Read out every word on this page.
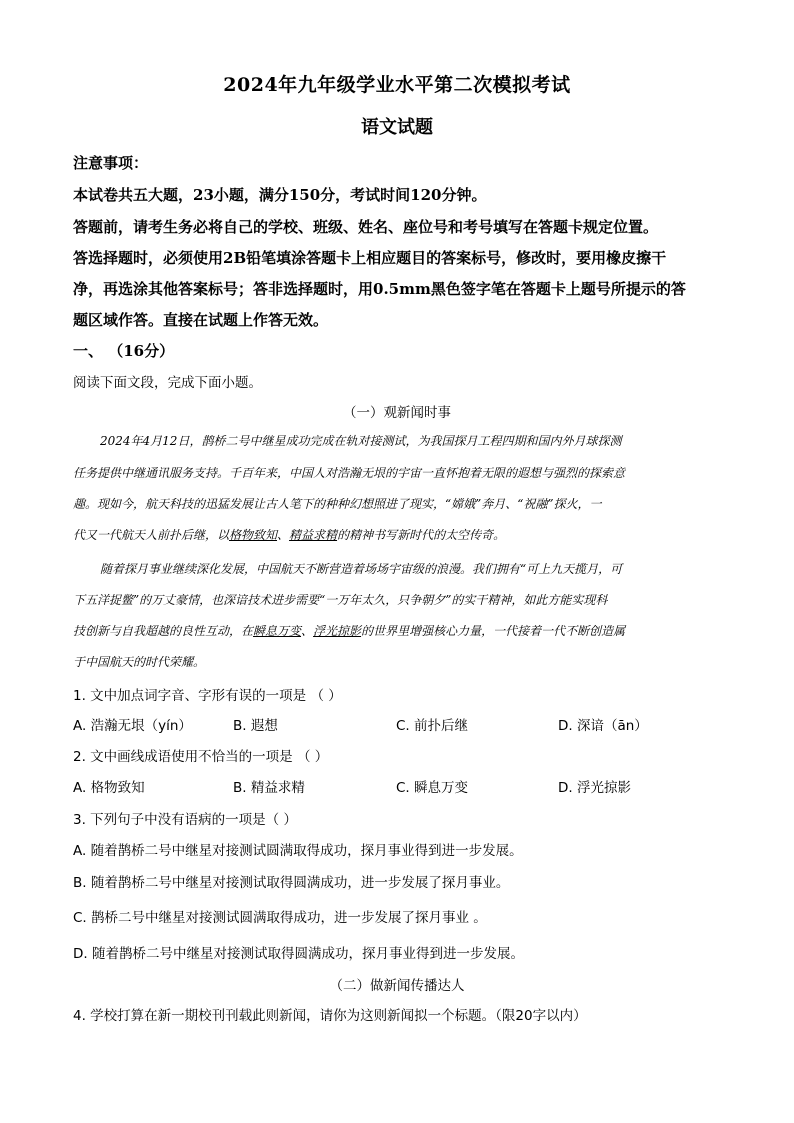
2024年九年级学业水平第二次模拟考试
语文试题
注意事项：
本试卷共五大题，23小题，满分150分，考试时间120分钟。
答题前，请考生务必将自己的学校、班级、姓名、座位号和考号填写在答题卡规定位置。
答选择题时，必须使用2B铅笔填涂答题卡上相应题目的答案标号，修改时，要用橡皮擦干
净，再选涂其他答案标号；答非选择题时，用0.5mm黑色签字笔在答题卡上题号所提示的答
题区域作答。直接在试题上作答无效。
一、 （16分）
阅读下面文段，完成下面小题。
（一）观新闻时事
2024年4月12日，鹊桥二号中继星成功完成在轨对接测试，为我国探月工程四期和国内外月球探测
任务提供中继通讯服务支持。千百年来，中国人对浩瀚无垠的宇宙一直怀抱着无限的遐想与强烈的探索意
趣。现如今，航天科技的迅猛发展让古人笔下的种种幻想照进了现实，“嫦娥”奔月、“祝融”探火，一
代又一代航天人前扑后继，以格物致知、精益求精的精神书写新时代的太空传奇。
随着探月事业继续深化发展，中国航天不断营造着场场宇宙级的浪漫。我们拥有“可上九天揽月，可
下五洋捉鳖”的万丈豪情，也深谙技术进步需要“一万年太久，只争朝夕”的实干精神，如此方能实现科
技创新与自我超越的良性互动，在瞬息万变、浮光掠影的世界里增强核心力量，一代接着一代不断创造属
于中国航天的时代荣耀。
1. 文中加点词字音、字形有误的一项是 （ ）
A. 浩瀚无垠（yín）	B. 遐想	C. 前扑后继	D. 深谙（ān）
2. 文中画线成语使用不恰当的一项是 （ ）
A. 格物致知	B. 精益求精	C. 瞬息万变	D. 浮光掠影
3. 下列句子中没有语病的一项是（ ）
A. 随着鹊桥二号中继星对接测试圆满取得成功，探月事业得到进一步发展。
B. 随着鹊桥二号中继星对接测试取得圆满成功，进一步发展了探月事业。
C. 鹊桥二号中继星对接测试圆满取得成功，进一步发展了探月事业 。
D. 随着鹊桥二号中继星对接测试取得圆满成功，探月事业得到进一步发展。
（二）做新闻传播达人
4. 学校打算在新一期校刊刊载此则新闻，请你为这则新闻拟一个标题。（限20字以内）
